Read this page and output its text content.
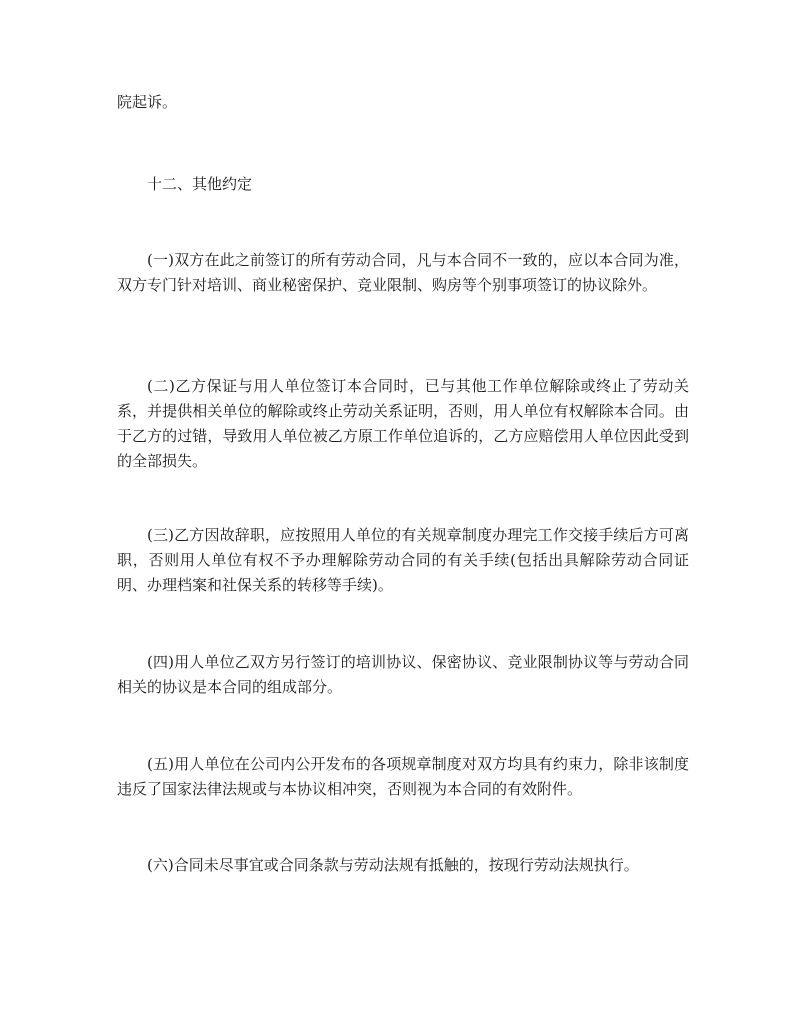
院起诉。

十二、其他约定

(一)双方在此之前签订的所有劳动合同，凡与本合同不一致的，应以本合同为准，双方专门针对培训、商业秘密保护、竞业限制、购房等个别事项签订的协议除外。

(二)乙方保证与用人单位签订本合同时，已与其他工作单位解除或终止了劳动关系，并提供相关单位的解除或终止劳动关系证明，否则，用人单位有权解除本合同。由于乙方的过错，导致用人单位被乙方原工作单位追诉的，乙方应赔偿用人单位因此受到的全部损失。

(三)乙方因故辞职，应按照用人单位的有关规章制度办理完工作交接手续后方可离职，否则用人单位有权不予办理解除劳动合同的有关手续(包括出具解除劳动合同证明、办理档案和社保关系的转移等手续)。

(四)用人单位乙双方另行签订的培训协议、保密协议、竞业限制协议等与劳动合同相关的协议是本合同的组成部分。

(五)用人单位在公司内公开发布的各项规章制度对双方均具有约束力，除非该制度违反了国家法律法规或与本协议相冲突，否则视为本合同的有效附件。

(六)合同未尽事宜或合同条款与劳动法规有抵触的，按现行劳动法规执行。
